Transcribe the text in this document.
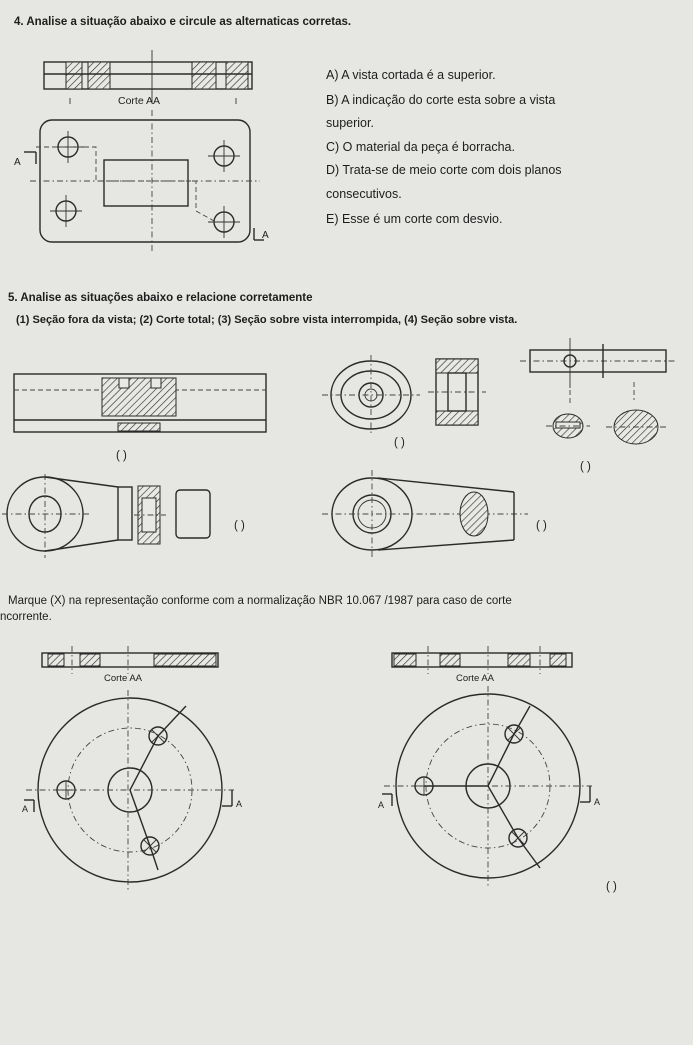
4. Analise a situação abaixo e circule as alternaticas corretas.
Corte AA
A
A
A) A vista cortada é a superior.
B) A indicação do corte esta sobre a vista
superior.
C) O material da peça é borracha.
D) Trata-se de meio corte com dois planos
consecutivos.
E) Esse é um corte com desvio.
5. Analise as situações abaixo e relacione corretamente
(1) Seção fora da vista; (2) Corte total; (3) Seção sobre vista interrompida, (4) Seção sobre vista.
( )
( )
( )
( )	( )
Marque (X) na representação conforme com a normalização NBR 10.067 /1987 para caso de corte
ncorrente.
Corte AA	Corte AA
A	A	A	A
( )
